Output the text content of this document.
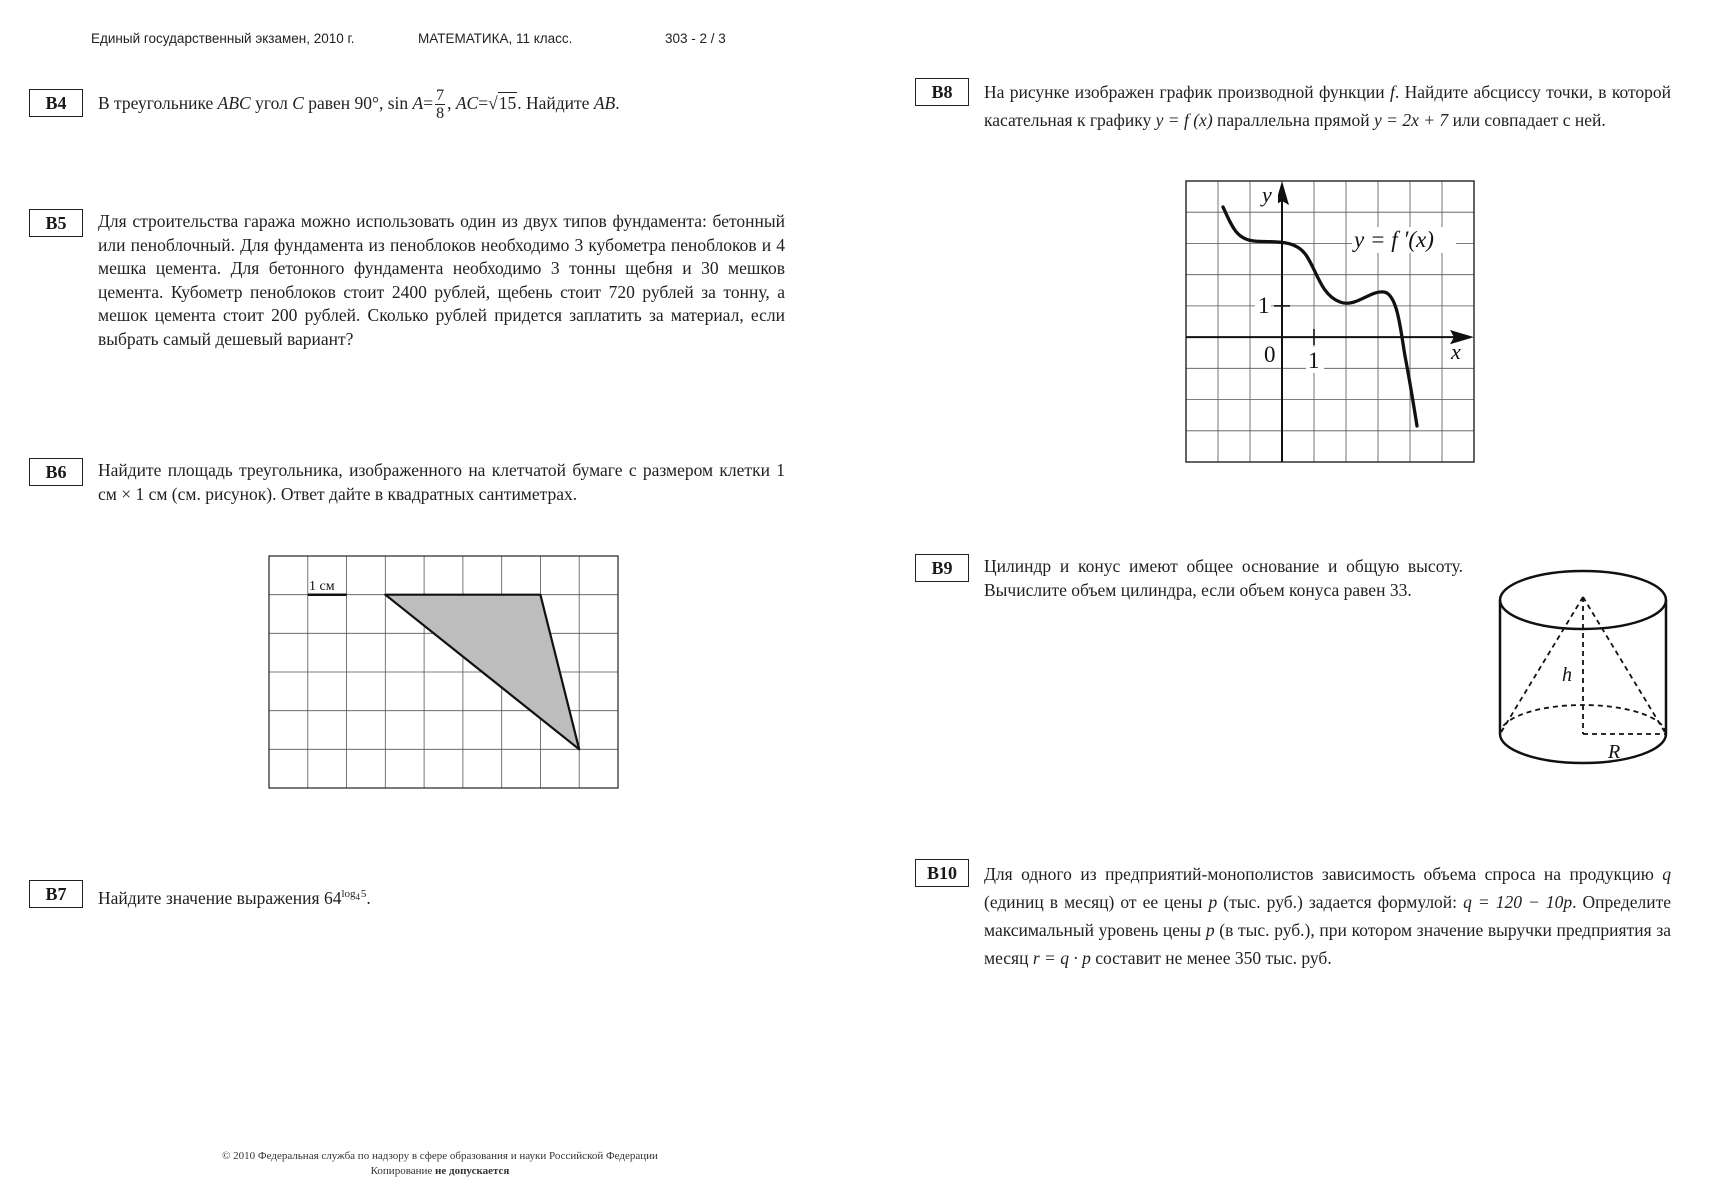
Единый государственный экзамен, 2010 г.	МАТЕМАТИКА, 11 класс.	303 - 2 / 3
B4	В треугольнике ABC угол C равен 90°, $\sin A= \frac{7}{8}$ , AC=√15. Найдите AB.
B5	Для строительства гаража можно использовать один из двух типов фундамента: бетонный или пеноблочный. Для фундамента из пеноблоков необходимо 3 кубометра пеноблоков и 4 мешка цемента. Для бетонного фундамента необходимо 3 тонны щебня и 30 мешков цемента. Кубометр пеноблоков стоит 2400 рублей, щебень стоит 720 рублей за тонну, а мешок цемента стоит 200 рублей. Сколько рублей придется заплатить за материал, если выбрать самый дешевый вариант?
B6	Найдите площадь треугольника, изображенного на клетчатой бумаге с размером клетки 1 см × 1 см (см. рисунок). Ответ дайте в квадратных сантиметрах.
1 см
B7	Найдите значение выражения $64^{log_4 5}$.
B8	На рисунке изображен график производной функции f. Найдите абсциссу точки, в которой касательная к графику y = f (x) параллельна прямой y = 2x + 7 или совпадает с ней.
y = f ′(x)
y
x
1
0 1
B9	Цилиндр и конус имеют общее основание и общую высоту. Вычислите объем цилиндра, если объем конуса равен 33.
h
R
B10	Для одного из предприятий-монополистов зависимость объема спроса на продукцию q (единиц в месяц) от ее цены p (тыс. руб.) задается формулой: q = 120 − 10p. Определите максимальный уровень цены p (в тыс. руб.), при котором значение выручки предприятия за месяц r = q · p составит не менее 350 тыс. руб.
© 2010 Федеральная служба по надзору в сфере образования и науки Российской Федерации
Копирование не допускается
